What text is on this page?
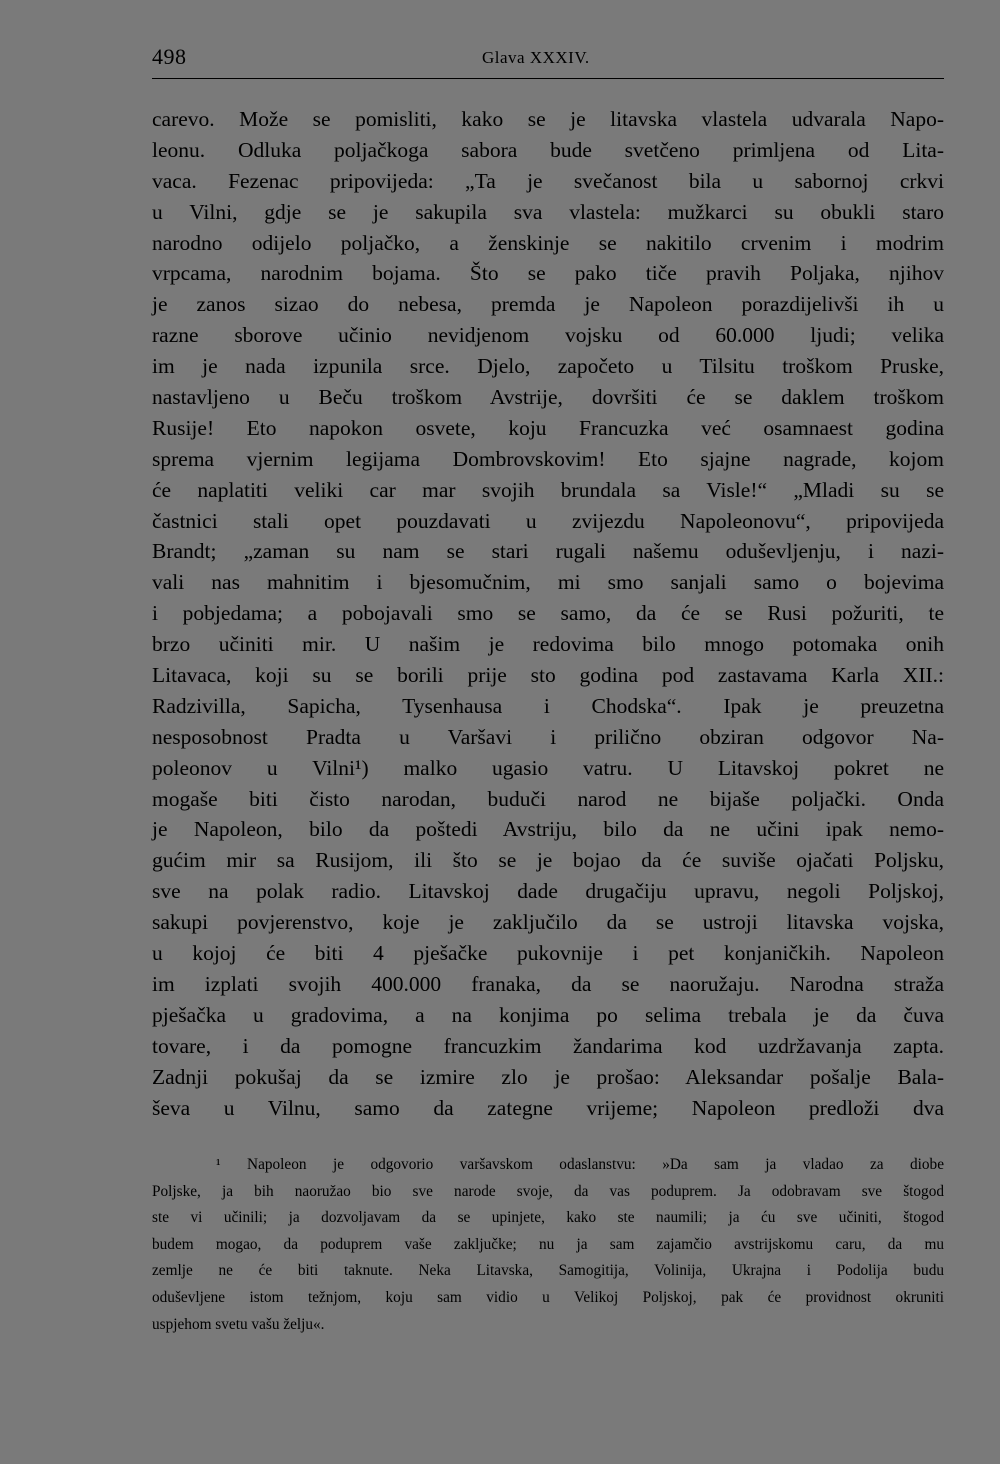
498	Glava XXXIV.
carevo. Može se pomisliti, kako se je litavska vlastela udvarala Napo-
leonu. Odluka poljačkoga sabora bude svetčeno primljena od Lita-
vaca. Fezenac pripovijeda: „Ta je svečanost bila u sabornoj crkvi
u Vilni, gdje se je sakupila sva vlastela: mužkarci su obukli staro
narodno odijelo poljačko, a ženskinje se nakitilo crvenim i modrim
vrpcama, narodnim bojama. Što se pako tiče pravih Poljaka, njihov
je zanos sizao do nebesa, premda je Napoleon porazdijelivši ih u
razne sborove učinio nevidjenom vojsku od 60.000 ljudi; velika
im je nada izpunila srce. Djelo, započeto u Tilsitu troškom Pruske,
nastavljeno u Beču troškom Avstrije, dovršiti će se daklem troškom
Rusije! Eto napokon osvete, koju Francuzka već osamnaest godina
sprema vjernim legijama Dombrovskovim! Eto sjajne nagrade, kojom
će naplatiti veliki car mar svojih brundala sa Visle!“ „Mladi su se
častnici stali opet pouzdavati u zvijezdu Napoleonovu“, pripovijeda
Brandt; „zaman su nam se stari rugali našemu oduševljenju, i nazi-
vali nas mahnitim i bjesomučnim, mi smo sanjali samo o bojevima
i pobjedama; a pobojavali smo se samo, da će se Rusi požuriti, te
brzo učiniti mir. U našim je redovima bilo mnogo potomaka onih
Litavaca, koji su se borili prije sto godina pod zastavama Karla XII.:
Radzivilla, Sapicha, Tysenhausa i Chodska“. Ipak je preuzetna
nesposobnost Pradta u Varšavi i prilično obziran odgovor Na-
poleonov u Vilni¹) malko ugasio vatru. U Litavskoj pokret ne
mogaše biti čisto narodan, buduči narod ne bijaše poljački. Onda
je Napoleon, bilo da poštedi Avstriju, bilo da ne učini ipak nemo-
gućim mir sa Rusijom, ili što se je bojao da će suviše ojačati Poljsku,
sve na polak radio. Litavskoj dade drugačiju upravu, negoli Poljskoj,
sakupi povjerenstvo, koje je zaključilo da se ustroji litavska vojska,
u kojoj će biti 4 pješačke pukovnije i pet konjaničkih. Napoleon
im izplati svojih 400.000 franaka, da se naoružaju. Narodna straža
pješačka u gradovima, a na konjima po selima trebala je da čuva
tovare, i da pomogne francuzkim žandarima kod uzdržavanja zapta.
Zadnji pokušaj da se izmire zlo je prošao: Aleksandar pošalje Bala-
ševa u Vilnu, samo da zategne vrijeme; Napoleon predloži dva
¹ Napoleon je odgovorio varšavskom odaslanstvu: »Da sam ja vladao za diobe
Poljske, ja bih naoružao bio sve narode svoje, da vas poduprem. Ja odobravam sve štogod
ste vi učinili; ja dozvoljavam da se upinjete, kako ste naumili; ja ću sve učiniti, štogod
budem mogao, da poduprem vaše zaključke; nu ja sam zajamčio avstrijskomu caru, da mu
zemlje ne će biti taknute. Neka Litavska, Samogitija, Volinija, Ukrajna i Podolija budu
oduševljene istom težnjom, koju sam vidio u Velikoj Poljskoj, pak će providnost okruniti
uspjehom svetu vašu želju«.
